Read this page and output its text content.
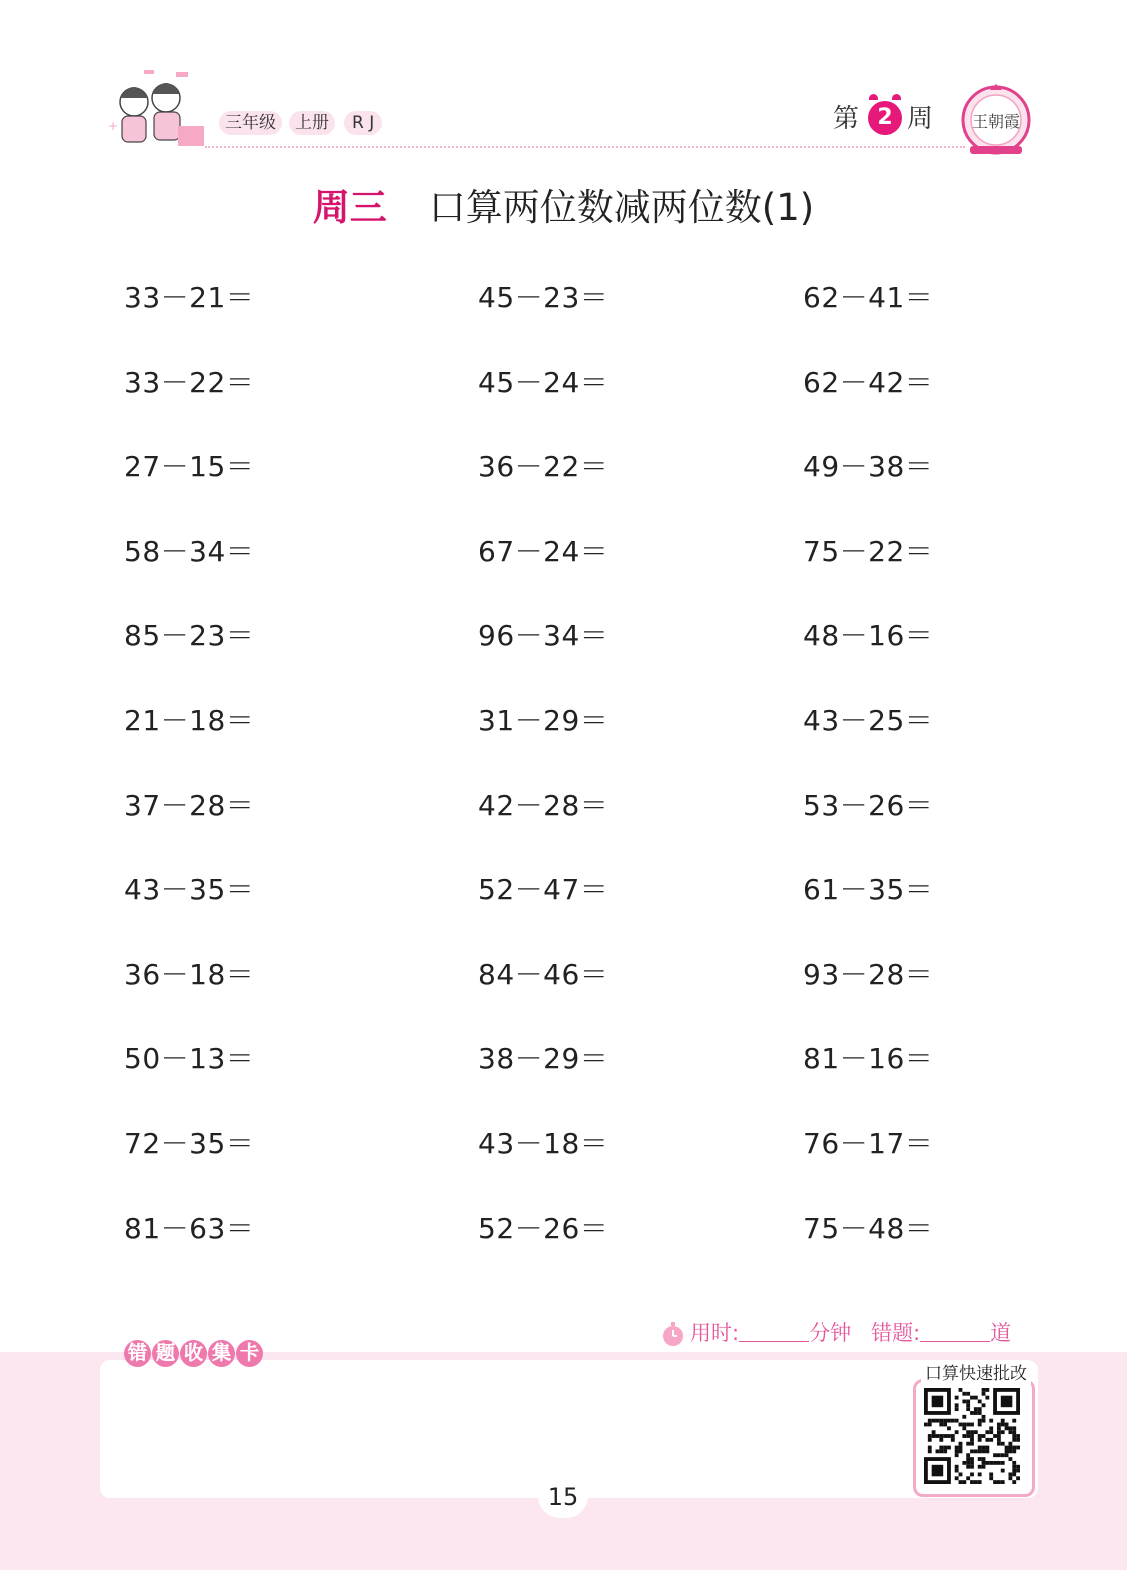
+	三年级	上册	R J	第 周
2	王朝霞
周三 口算两位数减两位数(1)
33－21＝	45－23＝	62－41＝
33－22＝	45－24＝	62－42＝
27－15＝	36－22＝	49－38＝
58－34＝	67－24＝	75－22＝
85－23＝	96－34＝	48－16＝
21－18＝	31－29＝	43－25＝
37－28＝	42－28＝	53－26＝
43－35＝	52－47＝	61－35＝
36－18＝	84－46＝	93－28＝
50－13＝	38－29＝	81－16＝
72－35＝	43－18＝	76－17＝
81－63＝	52－26＝	75－48＝
用时:	分钟 错题:	道
错 题 收 集 卡
口算快速批改
15
